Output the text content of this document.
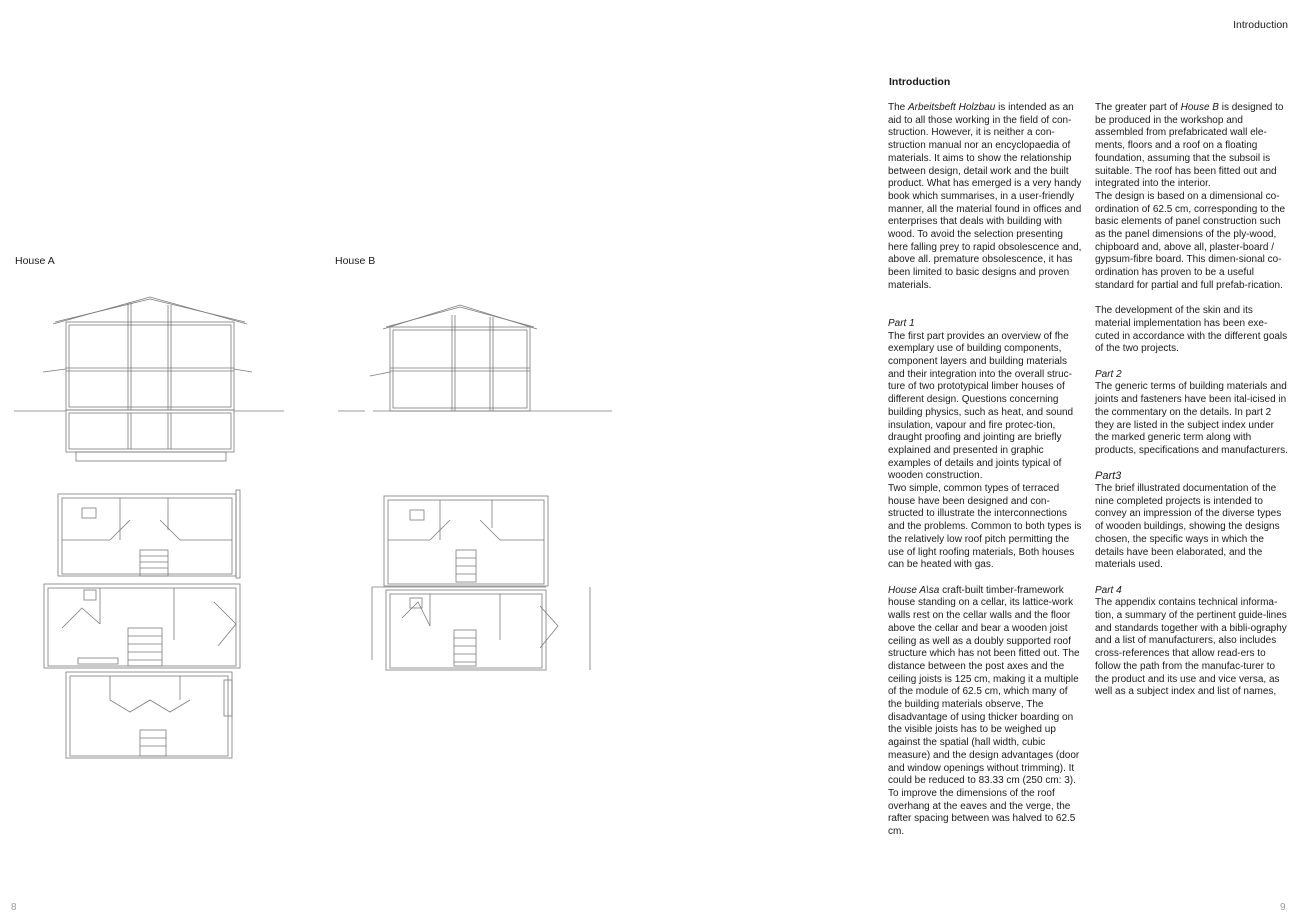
Introduction
House A	House B
Introduction

The Arbeitsbeft Holzbau is intended as an aid to all those working in the field of con-struction. However, it is neither a con-struction manual nor an encyclopaedia of materials. It aims to show the relationship between design, detail work and the built product. What has emerged is a very handy book which summarises, in a user-friendly manner, all the material found in offices and enterprises that deals with building with wood. To avoid the selection presenting here falling prey to rapid obsolescence and, above all. premature obsolescence, it has been limited to basic designs and proven materials.

Part 1

The first part provides an overview of fhe exemplary use of building components, component layers and building materials and their integration into the overall struc-ture of two prototypical limber houses of different design. Questions concerning building physics, such as heat, and sound insulation, vapour and fire protec-tion, draught proofing and jointing are briefly explained and presented in graphic examples of details and joints typical of wooden construction.

Two simple, common types of terraced house have been designed and con-structed to illustrate the interconnections and the problems. Common to both types is the relatively low roof pitch permitting the use of light roofing materials, Both houses can be heated with gas.

House A\sa craft-built timber-framework house standing on a cellar, its lattice-work walls rest on the cellar walls and the floor above the cellar and bear a wooden joist ceiling as well as a doubly supported roof structure which has not been fitted out. The distance between the post axes and the ceiling joists is 125 cm, making it a multiple of the module of 62.5 cm, which many of the building materials observe, The disadvantage of using thicker boarding on the visible joists has to be weighed up against the spatial (hall width, cubic measure) and the design advantages (door and window openings without trimming). It could be reduced to 83.33 cm (250 cm: 3).

To improve the dimensions of the roof overhang at the eaves and the verge, the rafter spacing between was halved to 62.5 cm.

The greater part of House B is designed to be produced in the workshop and assembled from prefabricated wall ele-ments, floors and a roof on a floating foundation, assuming that the subsoil is suitable. The roof has been fitted out and integrated into the interior.

The design is based on a dimensional co-ordination of 62.5 cm, corresponding to the basic elements of panel construction such as the panel dimensions of the ply-wood, chipboard and, above all, plaster-board / gypsum-fibre board. This dimen-sional co-ordination has proven to be a useful standard for partial and full prefab-rication.

The development of the skin and its material implementation has been exe-cuted in accordance with the different goals of the two projects.

Part 2

The generic terms of building materials and joints and fasteners have been ital-icised in the commentary on the details. In part 2 they are listed in the subject index under the marked generic term along with products, specifications and manufacturers.

Part3

The brief illustrated documentation of the nine completed projects is intended to convey an impression of the diverse types of wooden buildings, showing the designs chosen, the specific ways in which the details have been elaborated, and the materials used.

Part 4

The appendix contains technical informa-tion, a summary of the pertinent guide-lines and standards together with a bibli-ography and a list of manufacturers, also includes cross-references that allow read-ers to follow the path from the manufac-turer to the product and its use and vice versa, as well as a subject index and list of names,

8	9
